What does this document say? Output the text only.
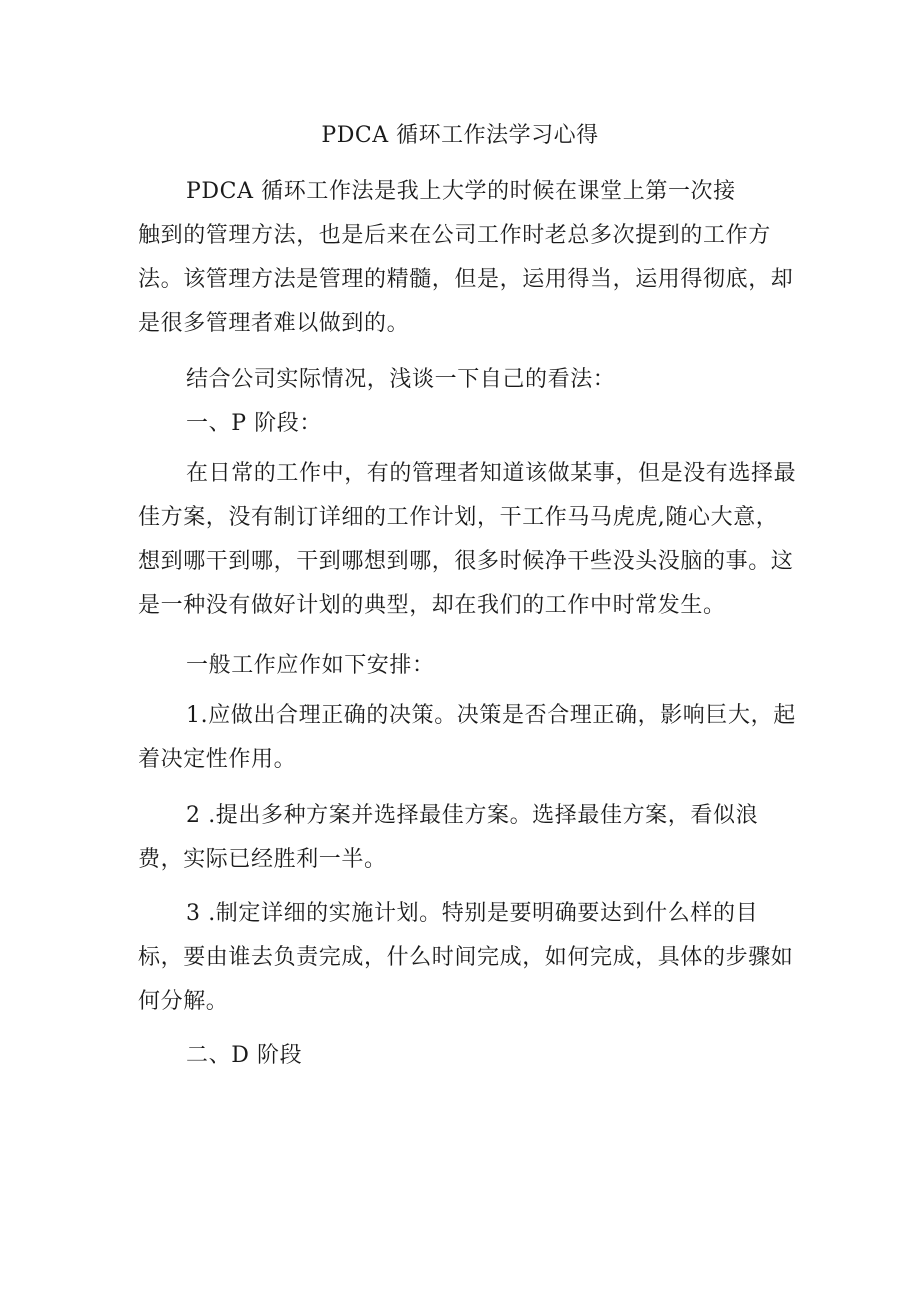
PDCA 循环工作法学习心得

PDCA 循环工作法是我上大学的时候在课堂上第一次接

触到的管理方法，也是后来在公司工作时老总多次提到的工作方法。该管理方法是管理的精髓，但是，运用得当，运用得彻底，却是很多管理者难以做到的。

结合公司实际情况，浅谈一下自己的看法：

一、P 阶段：

在日常的工作中，有的管理者知道该做某事，但是没有选择最佳方案，没有制订详细的工作计划，干工作马马虎虎,随心大意，想到哪干到哪，干到哪想到哪，很多时候净干些没头没脑的事。这是一种没有做好计划的典型，却在我们的工作中时常发生。

一般工作应作如下安排：

1.应做出合理正确的决策。决策是否合理正确，影响巨大，起着决定性作用。

2 .提出多种方案并选择最佳方案。选择最佳方案，看似浪费，实际已经胜利一半。

3 .制定详细的实施计划。特别是要明确要达到什么样的目标，要由谁去负责完成，什么时间完成，如何完成，具体的步骤如何分解。

二、D 阶段
